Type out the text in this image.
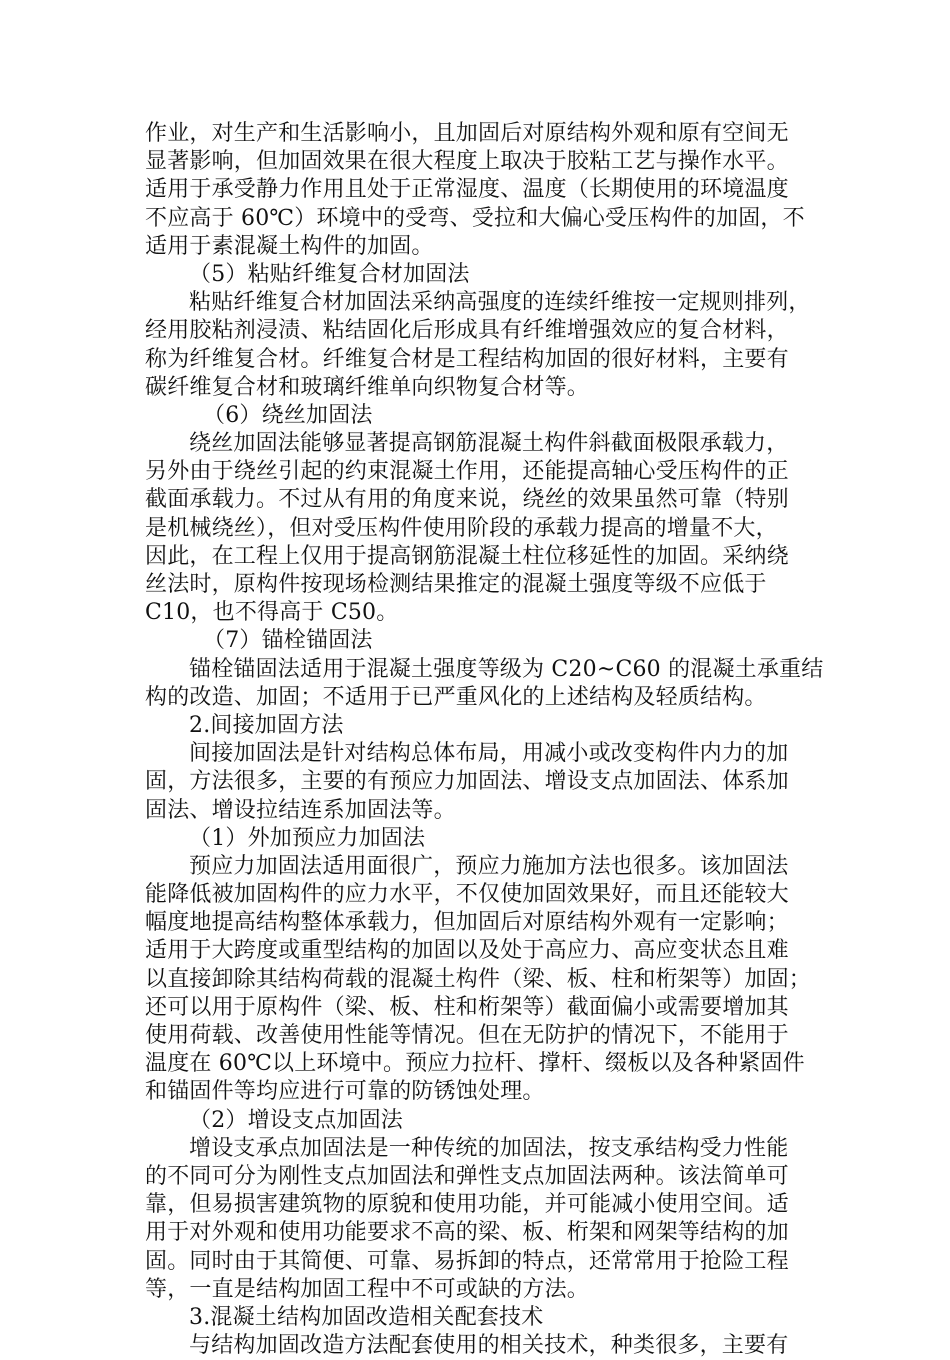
作业，对生产和生活影响小，且加固后对原结构外观和原有空间无
显著影响，但加固效果在很大程度上取决于胶粘工艺与操作水平。
适用于承受静力作用且处于正常湿度、温度（长期使用的环境温度
不应高于 60℃）环境中的受弯、受拉和大偏心受压构件的加固，不
适用于素混凝土构件的加固。
（5）粘贴纤维复合材加固法
粘贴纤维复合材加固法采纳高强度的连续纤维按一定规则排列，
经用胶粘剂浸渍、粘结固化后形成具有纤维增强效应的复合材料，
称为纤维复合材。纤维复合材是工程结构加固的很好材料，主要有
碳纤维复合材和玻璃纤维单向织物复合材等。
（6）绕丝加固法
绕丝加固法能够显著提高钢筋混凝土构件斜截面极限承载力，
另外由于绕丝引起的约束混凝土作用，还能提高轴心受压构件的正
截面承载力。不过从有用的角度来说，绕丝的效果虽然可靠（特别
是机械绕丝），但对受压构件使用阶段的承载力提高的增量不大，
因此，在工程上仅用于提高钢筋混凝土柱位移延性的加固。采纳绕
丝法时，原构件按现场检测结果推定的混凝土强度等级不应低于
C10，也不得高于 C50。
（7）锚栓锚固法
锚栓锚固法适用于混凝土强度等级为 C20~C60 的混凝土承重结
构的改造、加固；不适用于已严重风化的上述结构及轻质结构。
2.间接加固方法
间接加固法是针对结构总体布局，用减小或改变构件内力的加
固，方法很多，主要的有预应力加固法、增设支点加固法、体系加
固法、增设拉结连系加固法等。
（1）外加预应力加固法
预应力加固法适用面很广，预应力施加方法也很多。该加固法
能降低被加固构件的应力水平，不仅使加固效果好，而且还能较大
幅度地提高结构整体承载力，但加固后对原结构外观有一定影响；
适用于大跨度或重型结构的加固以及处于高应力、高应变状态且难
以直接卸除其结构荷载的混凝土构件（梁、板、柱和桁架等）加固；
还可以用于原构件（梁、板、柱和桁架等）截面偏小或需要增加其
使用荷载、改善使用性能等情况。但在无防护的情况下，不能用于
温度在 60℃以上环境中。预应力拉杆、撑杆、缀板以及各种紧固件
和锚固件等均应进行可靠的防锈蚀处理。
（2）增设支点加固法
增设支承点加固法是一种传统的加固法，按支承结构受力性能
的不同可分为刚性支点加固法和弹性支点加固法两种。该法简单可
靠，但易损害建筑物的原貌和使用功能，并可能减小使用空间。适
用于对外观和使用功能要求不高的梁、板、桁架和网架等结构的加
固。同时由于其简便、可靠、易拆卸的特点，还常常用于抢险工程
等，一直是结构加固工程中不可或缺的方法。
3.混凝土结构加固改造相关配套技术
与结构加固改造方法配套使用的相关技术，种类很多，主要有
